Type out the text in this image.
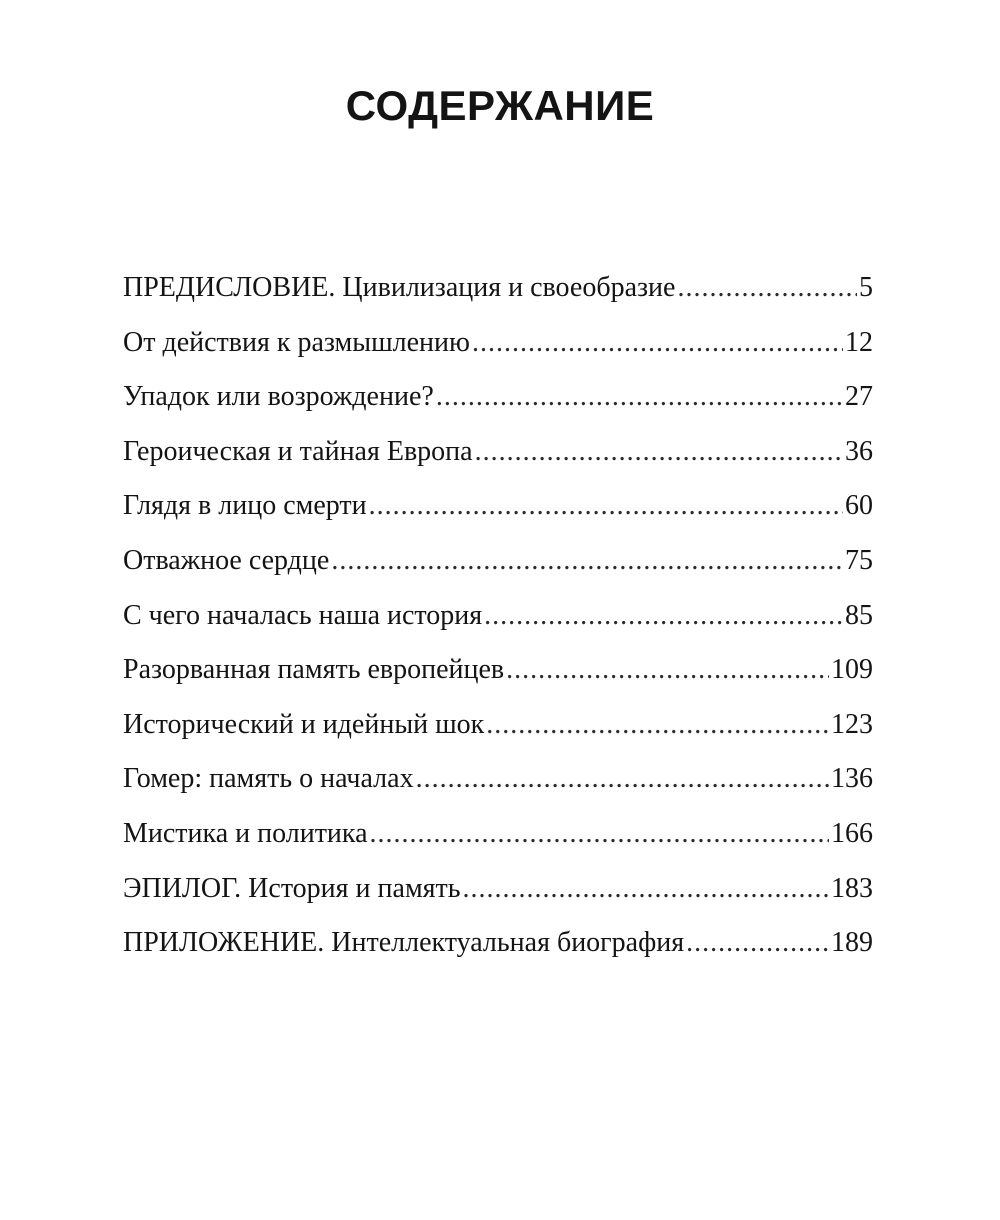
СОДЕРЖАНИЕ
ПРЕДИСЛОВИЕ. Цивилизация и своеобразие .....	5
От действия к размышлению .....	12
Упадок или возрождение? .....	27
Героическая и тайная Европа .....	36
Глядя в лицо смерти .....	60
Отважное сердце .....	75
С чего началась наша история .....	85
Разорванная память европейцев .....	109
Исторический и идейный шок .....	123
Гомер: память о началах .....	136
Мистика и политика .....	166
ЭПИЛОГ. История и память .....	183
ПРИЛОЖЕНИЕ. Интеллектуальная биография .....	189
